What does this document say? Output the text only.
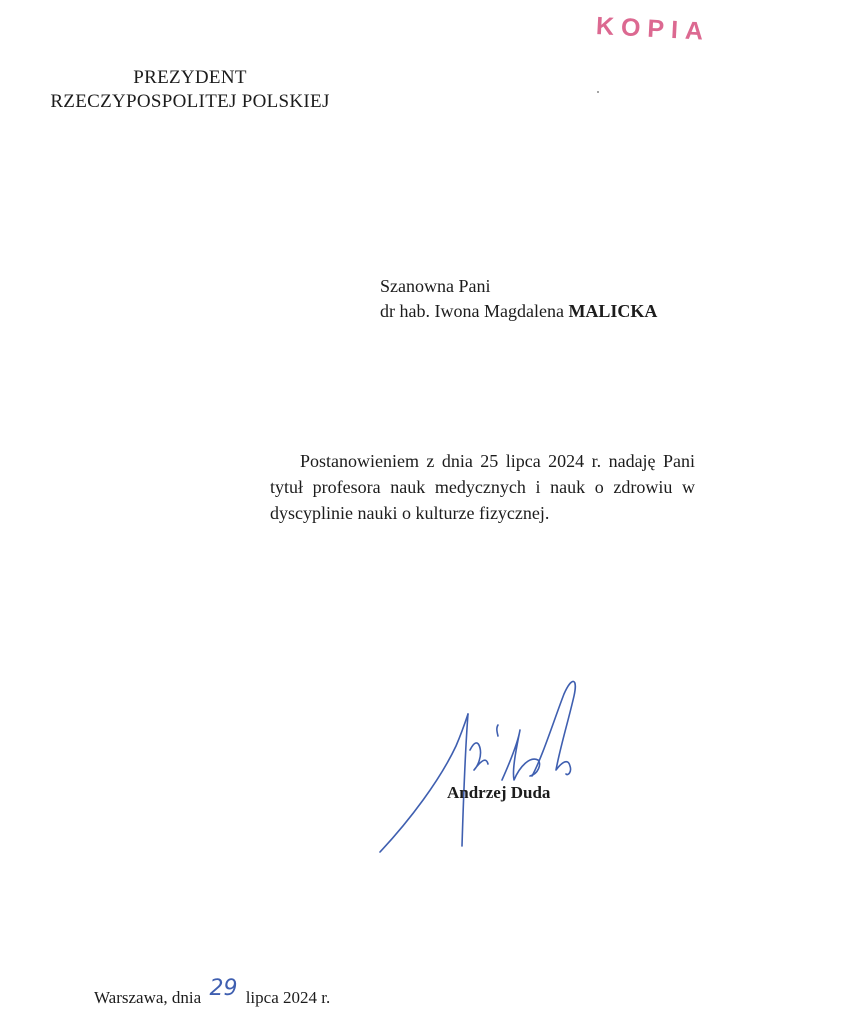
KOPIA
PREZYDENT
RZECZYPOSPOLITEJ POLSKIEJ
Szanowna Pani
dr hab. Iwona Magdalena MALICKA
Postanowieniem z dnia 25 lipca 2024 r. nadaję Pani tytuł profesora nauk medycznych i nauk o zdrowiu w dyscyplinie nauki o kulturze fizycznej.
Andrzej Duda
Warszawa, dnia 29 lipca 2024 r.
